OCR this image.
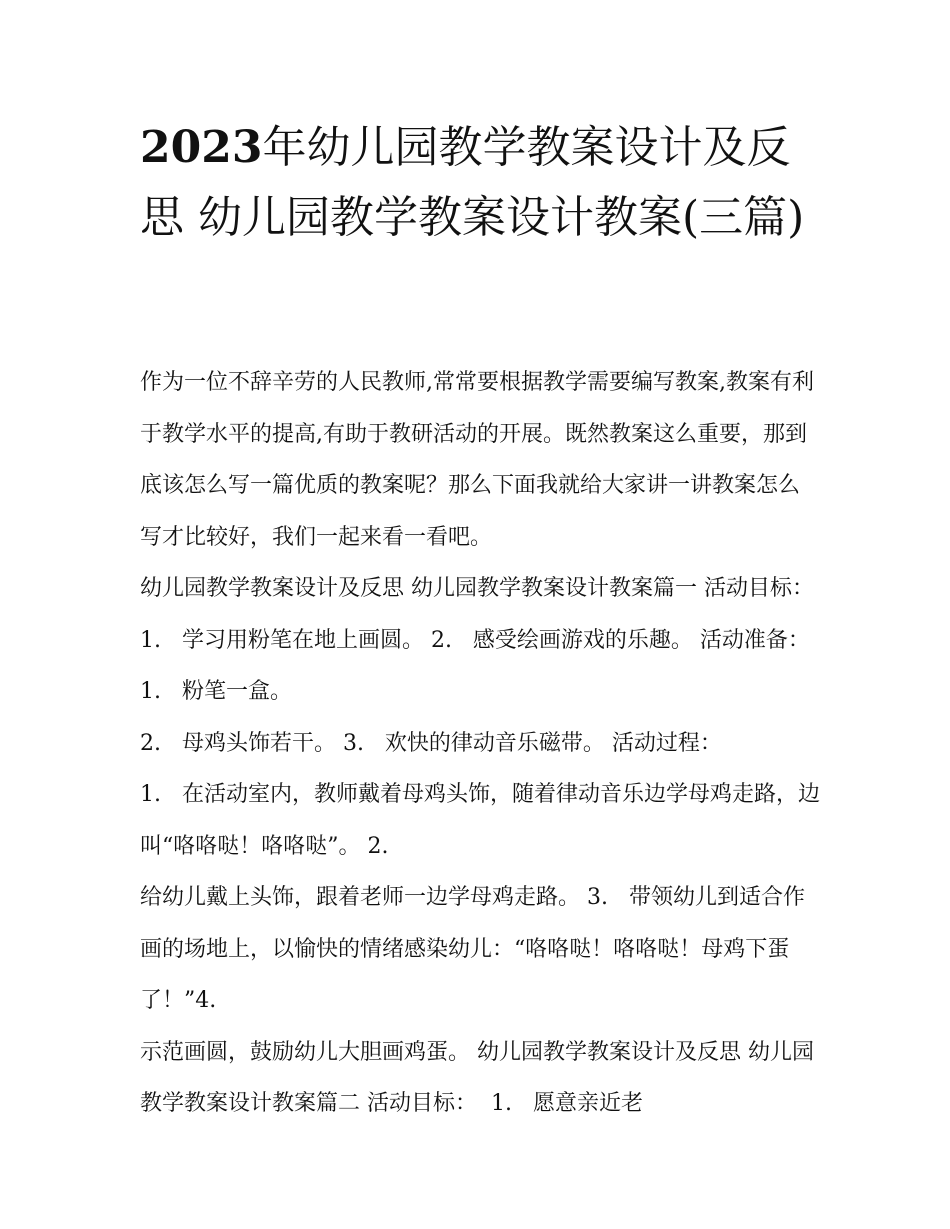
2023年幼儿园教学教案设计及反思 幼儿园教学教案设计教案(三篇)

作为一位不辞辛劳的人民教师,常常要根据教学需要编写教案,教案有利于教学水平的提高,有助于教研活动的开展。既然教案这么重要，那到底该怎么写一篇优质的教案呢？那么下面我就给大家讲一讲教案怎么写才比较好，我们一起来看一看吧。

幼儿园教学教案设计及反思 幼儿园教学教案设计教案篇一 活动目标：  1.   学习用粉笔在地上画圆。 2.   感受绘画游戏的乐趣。 活动准备：  1.   粉笔一盒。

2.   母鸡头饰若干。 3.   欢快的律动音乐磁带。 活动过程：

1.   在活动室内，教师戴着母鸡头饰，随着律动音乐边学母鸡走路，边叫“咯咯哒！咯咯哒”。 2.

给幼儿戴上头饰，跟着老师一边学母鸡走路。 3.   带领幼儿到适合作画的场地上，以愉快的情绪感染幼儿：“咯咯哒！咯咯哒！母鸡下蛋了！”4.

示范画圆，鼓励幼儿大胆画鸡蛋。 幼儿园教学教案设计及反思 幼儿园教学教案设计教案篇二 活动目标：  1.   愿意亲近老
